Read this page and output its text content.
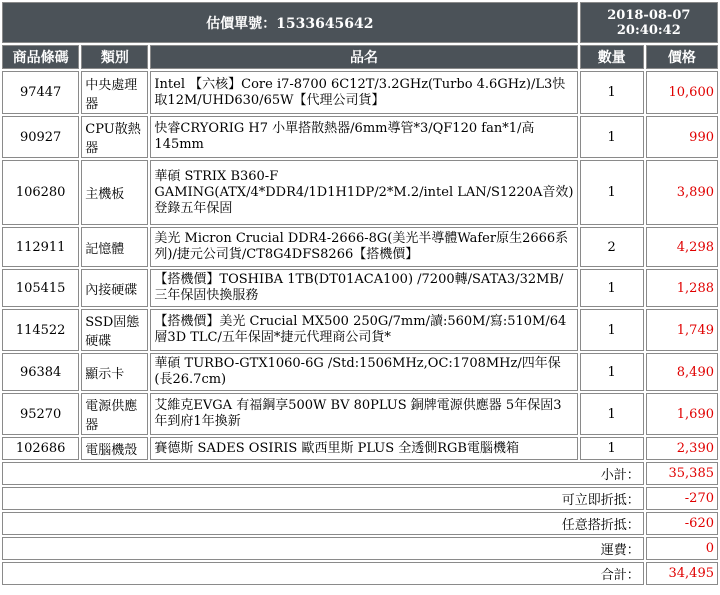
估價單號：1533645642			2018-08-07
20:40:42	

商品條碼	類別	品名	數量	價格
97447	中央處理器	Intel 【六核】Core i7-8700 6C12T/3.2GHz(Turbo 4.6GHz)/L3快取12M/UHD630/65W【代理公司貨】	1	10,600
90927	CPU散熱器	快睿CRYORIG H7 小單搭散熱器/6mm導管*3/QF120 fan*1/高145mm	1	990
106280	主機板	華碩 STRIX B360-F GAMING(ATX/4*DDR4/1D1H1DP/2*M.2/intel LAN/S1220A音效)登錄五年保固	1	3,890
112911	記憶體	美光 Micron Crucial DDR4-2666-8G(美光半導體Wafer原生2666系列)/捷元公司貨/CT8G4DFS8266【搭機價】	2	4,298
105415	內接硬碟	【搭機價】TOSHIBA 1TB(DT01ACA100) /7200轉/SATA3/32MB/三年保固快換服務	1	1,288
114522	SSD固態硬碟	【搭機價】美光 Crucial MX500 250G/7mm/讀:560M/寫:510M/64層3D TLC/五年保固*捷元代理商公司貨*	1	1,749
96384	顯示卡	華碩 TURBO-GTX1060-6G /Std:1506MHz,OC:1708MHz/四年保(長26.7cm)	1	8,490
95270	電源供應器	艾維克EVGA 有福鋼享500W BV 80PLUS 銅牌電源供應器 5年保固3年到府1年換新	1	1,690
102686	電腦機殼	賽德斯 SADES OSIRIS 歐西里斯 PLUS 全透側RGB電腦機箱	1	2,390
小計：				35,385
可立即折抵：				-270
任意搭折抵：				-620
運費：				0
合計：				34,495
